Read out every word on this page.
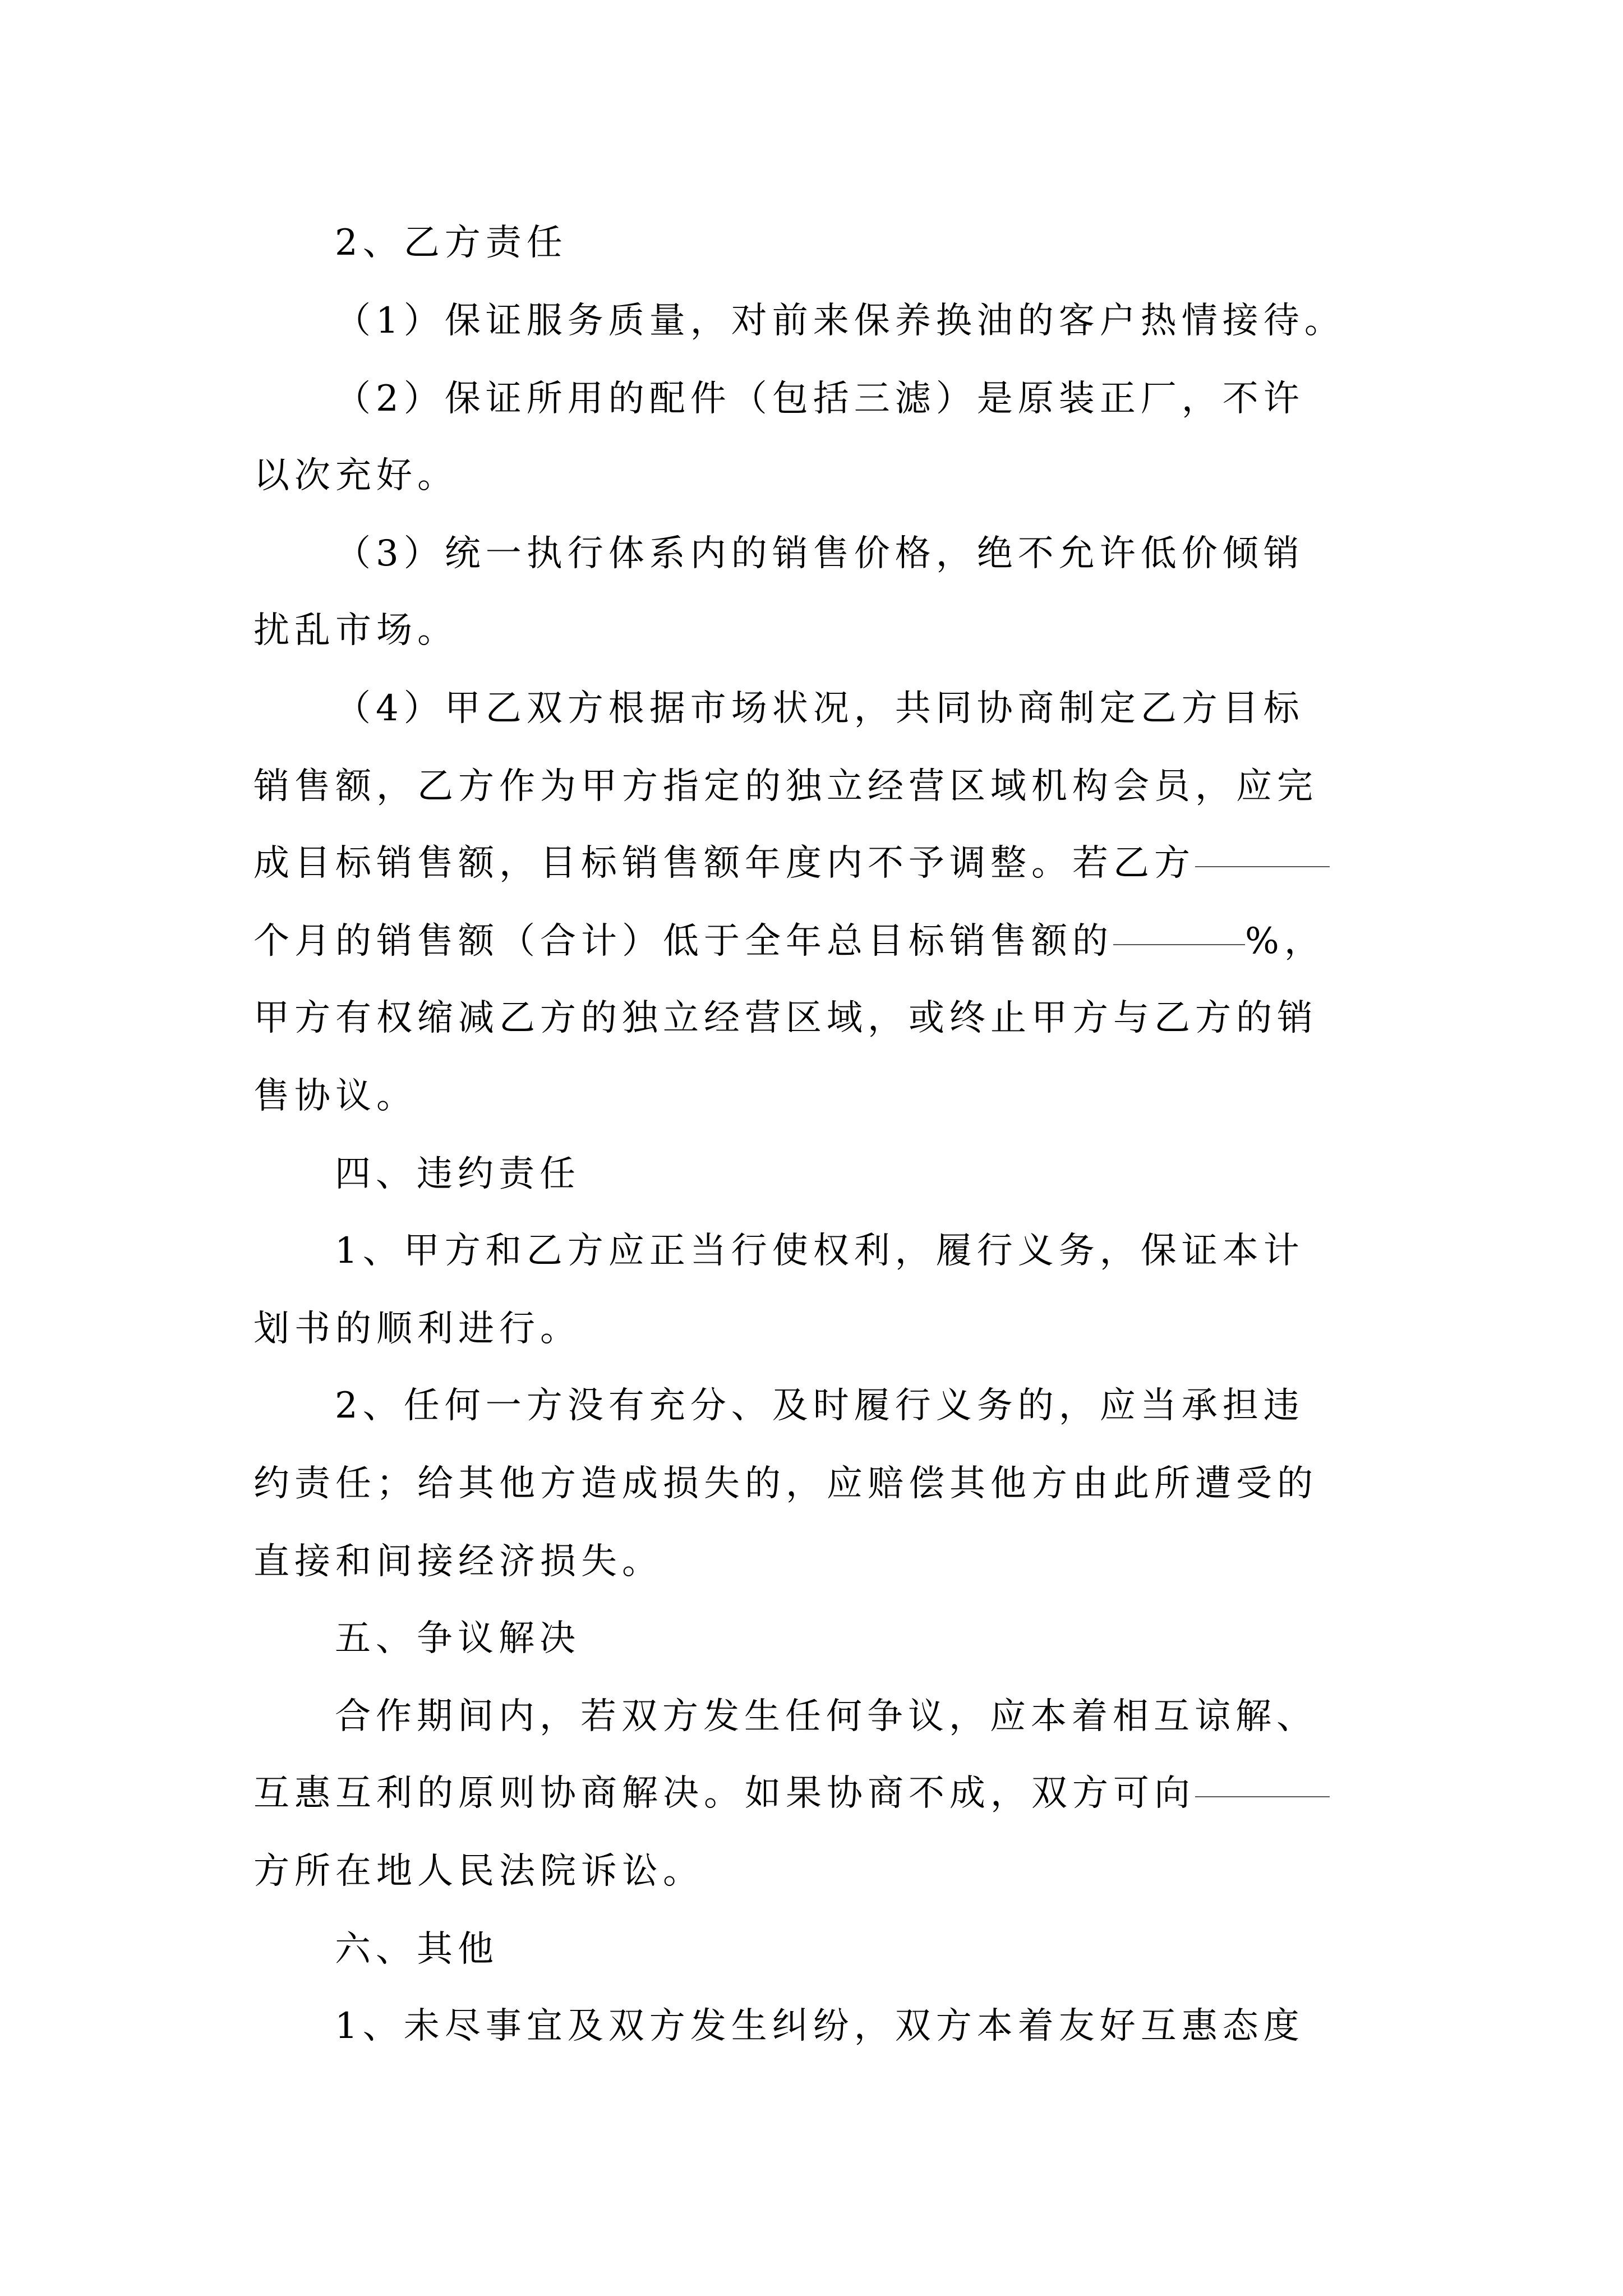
2、乙方责任
（1）保证服务质量，对前来保养换油的客户热情接待。
（2）保证所用的配件（包括三滤）是原装正厂，不许
以次充好。
（3）统一执行体系内的销售价格，绝不允许低价倾销
扰乱市场。
（4）甲乙双方根据市场状况，共同协商制定乙方目标
销售额，乙方作为甲方指定的独立经营区域机构会员，应完
成目标销售额，目标销售额年度内不予调整。若乙方
个月的销售额（合计）低于全年总目标销售额的	%，
甲方有权缩减乙方的独立经营区域，或终止甲方与乙方的销
售协议。
四、违约责任
1、甲方和乙方应正当行使权利，履行义务，保证本计
划书的顺利进行。
2、任何一方没有充分、及时履行义务的，应当承担违
约责任；给其他方造成损失的，应赔偿其他方由此所遭受的
直接和间接经济损失。
五、争议解决
合作期间内，若双方发生任何争议，应本着相互谅解、
互惠互利的原则协商解决。如果协商不成，双方可向
方所在地人民法院诉讼。
六、其他
1、未尽事宜及双方发生纠纷，双方本着友好互惠态度
